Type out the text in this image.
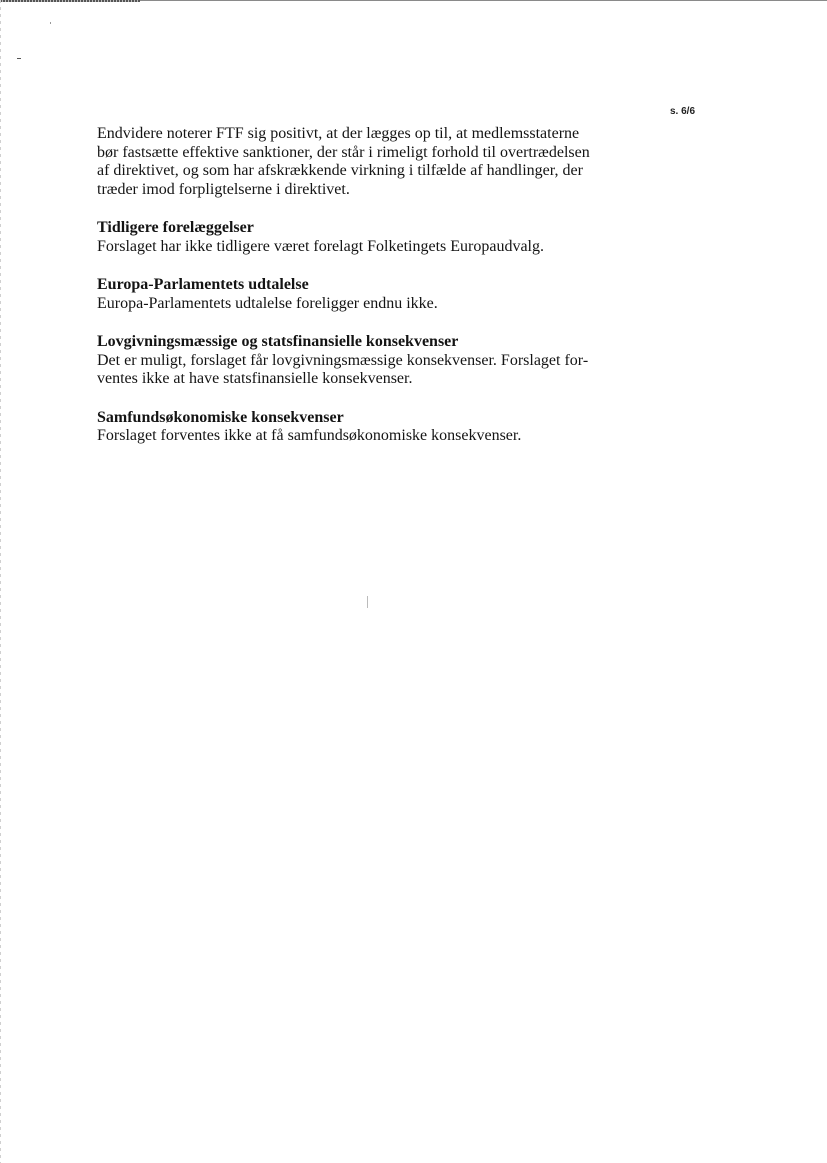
s. 6/6

Endvidere noterer FTF sig positivt, at der lægges op til, at medlemsstaterne
bør fastsætte effektive sanktioner, der står i rimeligt forhold til overtrædelsen
af direktivet, og som har afskrækkende virkning i tilfælde af handlinger, der
træder imod forpligtelserne i direktivet.

Tidligere forelæggelser

Forslaget har ikke tidligere været forelagt Folketingets Europaudvalg.

Europa-Parlamentets udtalelse

Europa-Parlamentets udtalelse foreligger endnu ikke.

Lovgivningsmæssige og statsfinansielle konsekvenser

Det er muligt, forslaget får lovgivningsmæssige konsekvenser. Forslaget for-
ventes ikke at have statsfinansielle konsekvenser.

Samfundsøkonomiske konsekvenser

Forslaget forventes ikke at få samfundsøkonomiske konsekvenser.
